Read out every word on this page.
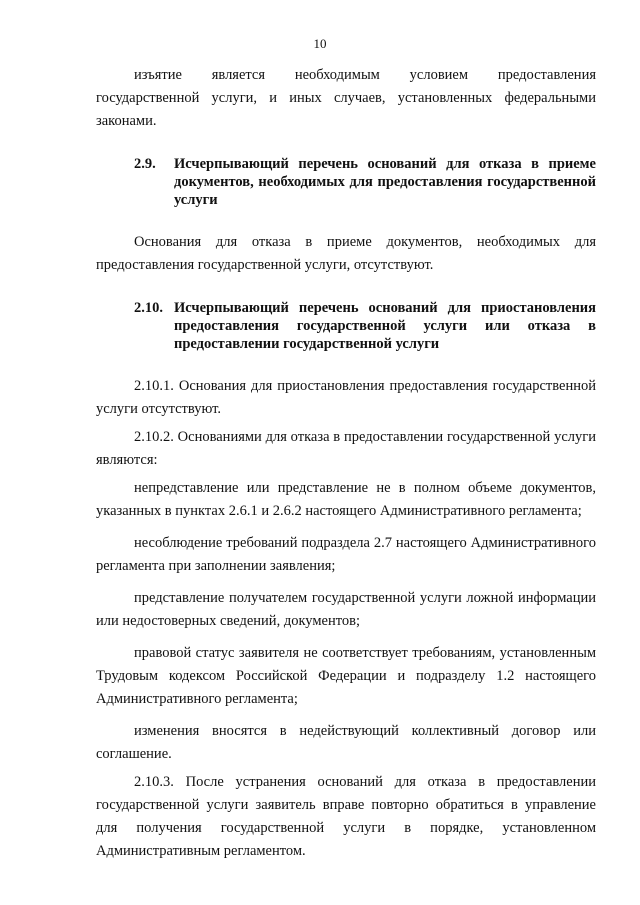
10

изъятие является необходимым условием предоставления государственной услуги, и иных случаев, установленных федеральными законами.

2.9.	Исчерпывающий перечень оснований для отказа в приеме документов, необходимых для предоставления государственной услуги

Основания для отказа в приеме документов, необходимых для предоставления государственной услуги, отсутствуют.

2.10. Исчерпывающий перечень оснований для приостановления предоставления государственной услуги или отказа в предоставлении государственной услуги

2.10.1. Основания для приостановления предоставления государственной услуги отсутствуют.

2.10.2. Основаниями для отказа в предоставлении государственной услуги являются:

непредставление или представление не в полном объеме документов, указанных в пунктах 2.6.1 и 2.6.2 настоящего Административного регламента;

несоблюдение требований подраздела 2.7 настоящего Административного регламента при заполнении заявления;

представление получателем государственной услуги ложной информации или недостоверных сведений, документов;

правовой статус заявителя не соответствует требованиям, установленным Трудовым кодексом Российской Федерации и подразделу 1.2 настоящего Административного регламента;

изменения вносятся в недействующий коллективный договор или соглашение.

2.10.3. После устранения оснований для отказа в предоставлении государственной услуги заявитель вправе повторно обратиться в управление для получения государственной услуги в порядке, установленном Административным регламентом.
